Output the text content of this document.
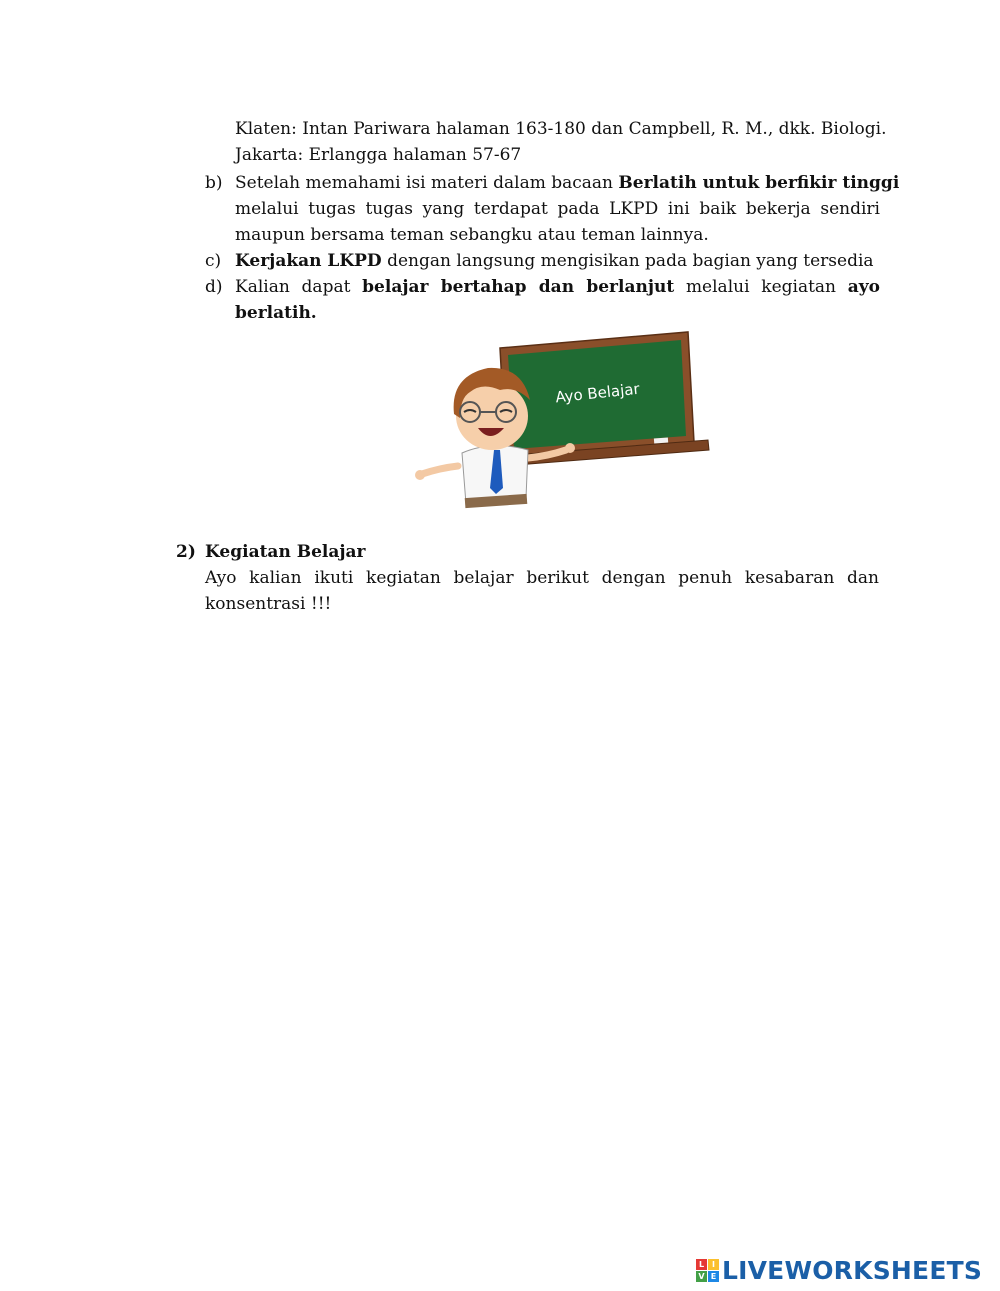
Klaten: Intan Pariwara halaman 163-180 dan Campbell, R. M., dkk. Biologi.
Jakarta: Erlangga halaman 57-67
b) Setelah memahami isi materi dalam bacaan Berlatih untuk berfikir tinggi
melalui tugas tugas yang terdapat pada LKPD ini baik bekerja sendiri
maupun bersama teman sebangku atau teman lainnya.
c) Kerjakan LKPD dengan langsung mengisikan pada bagian yang tersedia
d) Kalian dapat belajar bertahap dan berlanjut melalui kegiatan ayo
berlatih.
Ayo Belajar
2) Kegiatan Belajar
Ayo kalian ikuti kegiatan belajar berikut dengan penuh kesabaran dan
konsentrasi !!!
L I
V E LIVEWORKSHEETS
